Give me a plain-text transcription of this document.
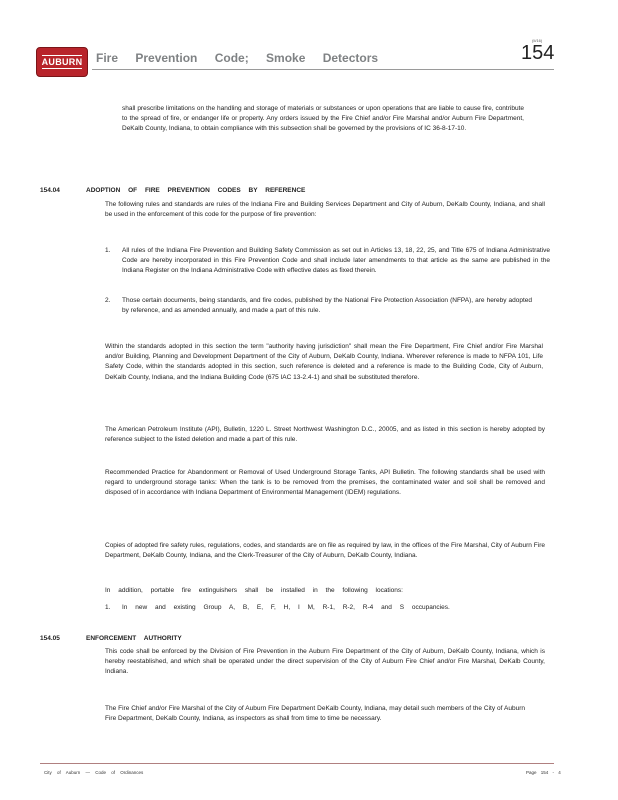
AUBURN Fire Prevention Code; Smoke Detectors
(Ii/16)
154
shall prescribe limitations on the handling and storage of materials or substances or upon operations that are liable to cause fire, contribute to the spread of fire, or endanger life or property. Any orders issued by the Fire Chief and/or Fire Marshal and/or Auburn Fire Department, DeKalb County, Indiana, to obtain compliance with this subsection shall be governed by the provisions of IC 36-8-17-10.
154.04	ADOPTION OF FIRE PREVENTION CODES BY REFERENCE
The following rules and standards are rules of the Indiana Fire and Building Services Department and City of Auburn, DeKalb County, Indiana, and shall be used in the enforcement of this code for the purpose of fire prevention:
1. All rules of the Indiana Fire Prevention and Building Safety Commission as set out in Articles 13, 18, 22, 25, and Title 675 of Indiana Administrative Code are hereby incorporated in this Fire Prevention Code and shall include later amendments to that article as the same are published in the Indiana Register on the Indiana Administrative Code with effective dates as fixed therein.
2. Those certain documents, being standards, and fire codes, published by the National Fire Protection Association (NFPA), are hereby adopted by reference, and as amended annually, and made a part of this rule.
Within the standards adopted in this section the term "authority having jurisdiction" shall mean the Fire Department, Fire Chief and/or Fire Marshal and/or Building, Planning and Development Department of the City of Auburn, DeKalb County, Indiana. Wherever reference is made to NFPA 101, Life Safety Code, within the standards adopted in this section, such reference is deleted and a reference is made to the Building Code, City of Auburn, DeKalb County, Indiana, and the Indiana Building Code (675 IAC 13-2.4-1) and shall be substituted therefore.
The American Petroleum Institute (API), Bulletin, 1220 L. Street Northwest Washington D.C., 20005, and as listed in this section is hereby adopted by reference subject to the listed deletion and made a part of this rule.
Recommended Practice for Abandonment or Removal of Used Underground Storage Tanks, API Bulletin. The following standards shall be used with regard to underground storage tanks: When the tank is to be removed from the premises, the contaminated water and soil shall be removed and disposed of in accordance with Indiana Department of Environmental Management (IDEM) regulations.
Copies of adopted fire safety rules, regulations, codes, and standards are on file as required by law, in the offices of the Fire Marshal, City of Auburn Fire Department, DeKalb County, Indiana, and the Clerk-Treasurer of the City of Auburn, DeKalb County, Indiana.
In addition, portable fire extinguishers shall be installed in the following locations:
1. In new and existing Group A, B, E, F, H, I M, R-1, R-2, R-4 and S occupancies.
154.05	ENFORCEMENT AUTHORITY
This code shall be enforced by the Division of Fire Prevention in the Auburn Fire Department of the City of Auburn, DeKalb County, Indiana, which is hereby reestablished, and which shall be operated under the direct supervision of the City of Auburn Fire Chief and/or Fire Marshal, DeKalb County, Indiana.
The Fire Chief and/or Fire Marshal of the City of Auburn Fire Department DeKalb County, Indiana, may detail such members of the City of Auburn Fire Department, DeKalb County, Indiana, as inspectors as shall from time to time be necessary.
City of Auburn — Code of Ordinances	Page 154 - 4
